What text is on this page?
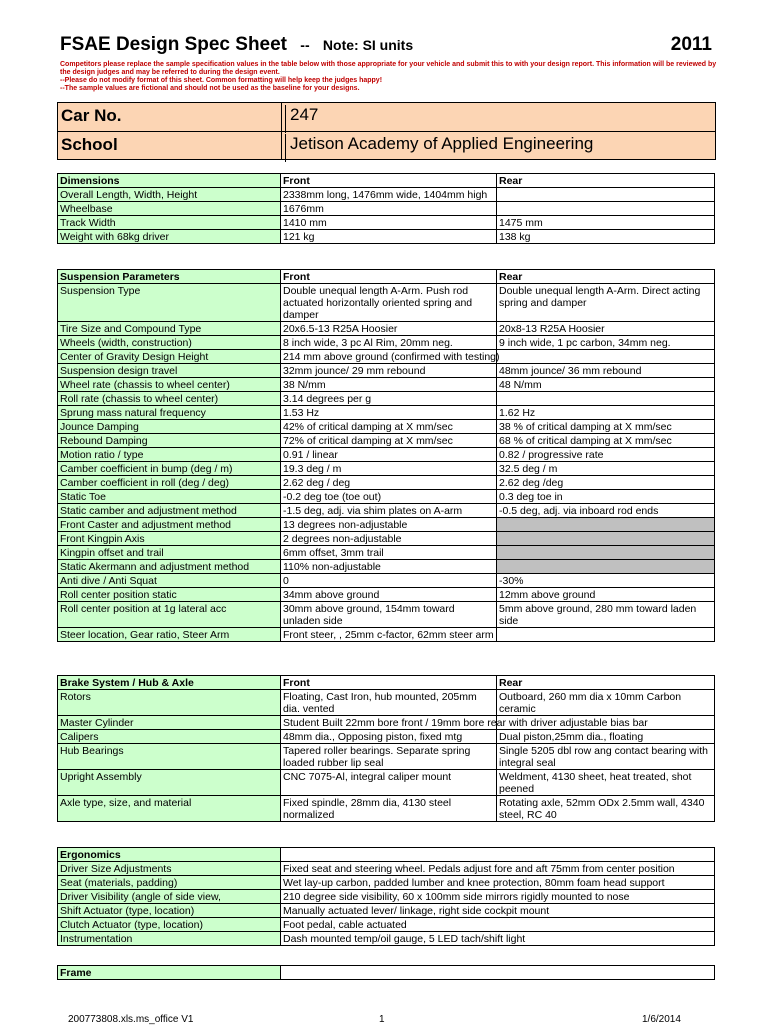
FSAE Design Spec Sheet -- Note: SI units	2011
Competitors please replace the sample specification values in the table below with those appropriate for your vehicle and submit this to with your design report. This information will be reviewed by the design judges and may be referred to during the design event.
--Please do not modify format of this sheet. Common formatting will help keep the judges happy!
--The sample values are fictional and should not be used as the baseline for your designs.
Car No.	247
School	Jetison Academy of Applied Engineering
Dimensions	Front	Rear
Overall Length, Width, Height	2338mm long, 1476mm wide, 1404mm high	
Wheelbase	1676mm	
Track Width	1410 mm	1475 mm
Weight with 68kg driver	121 kg	138 kg
Suspension Parameters	Front	Rear
Suspension Type	Double unequal length A-Arm. Push rod actuated horizontally oriented spring and damper	Double unequal length A-Arm. Direct acting spring and damper
Tire Size and Compound Type	20x6.5-13 R25A Hoosier	20x8-13 R25A Hoosier
Wheels (width, construction)	8 inch wide, 3 pc Al Rim, 20mm neg.	9 inch wide, 1 pc carbon, 34mm neg.
Center of Gravity Design Height	214 mm above ground (confirmed with testing)	
Suspension design travel	32mm jounce/ 29 mm rebound	48mm jounce/ 36 mm rebound
Wheel rate (chassis to wheel center)	38 N/mm	48 N/mm
Roll rate (chassis to wheel center)	3.14 degrees per g	
Sprung mass natural frequency	1.53 Hz	1.62 Hz
Jounce Damping	42% of critical damping at X mm/sec	38 % of critical damping at X mm/sec
Rebound Damping	72% of critical damping at X mm/sec	68 % of critical damping at X mm/sec
Motion ratio / type	0.91 / linear	0.82 / progressive rate
Camber coefficient in bump (deg / m)	19.3 deg / m	32.5 deg / m
Camber coefficient in roll (deg / deg)	2.62 deg / deg	2.62 deg /deg
Static Toe	-0.2 deg toe (toe out)	0.3 deg toe in
Static camber and adjustment method	-1.5 deg, adj. via shim plates on A-arm	-0.5 deg, adj. via inboard rod ends
Front Caster and adjustment method	13 degrees non-adjustable	
Front Kingpin Axis	2 degrees non-adjustable	
Kingpin offset and trail	6mm offset, 3mm trail	
Static Akermann and adjustment method	110% non-adjustable	
Anti dive / Anti Squat	0	-30%
Roll center position static	34mm above ground	12mm above ground
Roll center position at 1g lateral acc	30mm above ground, 154mm toward unladen side	5mm above ground, 280 mm toward laden side
Steer location, Gear ratio, Steer Arm	Front steer, , 25mm c-factor, 62mm steer arm	
Brake System / Hub & Axle	Front	Rear
Rotors	Floating, Cast Iron, hub mounted, 205mm dia. vented	Outboard, 260 mm dia x 10mm Carbon ceramic
Master Cylinder	Student Built 22mm bore front / 19mm bore rear with driver adjustable bias bar	
Calipers	48mm dia., Opposing piston, fixed mtg	Dual piston,25mm dia., floating
Hub Bearings	Tapered roller bearings. Separate spring loaded rubber lip seal	Single 5205 dbl row ang contact bearing with integral seal
Upright Assembly	CNC 7075-Al, integral caliper mount	Weldment, 4130 sheet, heat treated, shot peened
Axle type, size, and material	Fixed spindle, 28mm dia, 4130 steel normalized	Rotating axle, 52mm ODx 2.5mm wall, 4340 steel, RC 40
Ergonomics	
Driver Size Adjustments	Fixed seat and steering wheel. Pedals adjust fore and aft 75mm from center position
Seat (materials, padding)	Wet lay-up carbon, padded lumber and knee protection, 80mm foam head support
Driver Visibility (angle of side view,	210 degree side visibility, 60 x 100mm side mirrors rigidly mounted to nose
Shift Actuator (type, location)	Manually actuated lever/ linkage, right side cockpit mount
Clutch Actuator (type, location)	Foot pedal, cable actuated
Instrumentation	Dash mounted temp/oil gauge, 5 LED tach/shift light
Frame	
200773808.xls.ms_office V1	1	1/6/2014
